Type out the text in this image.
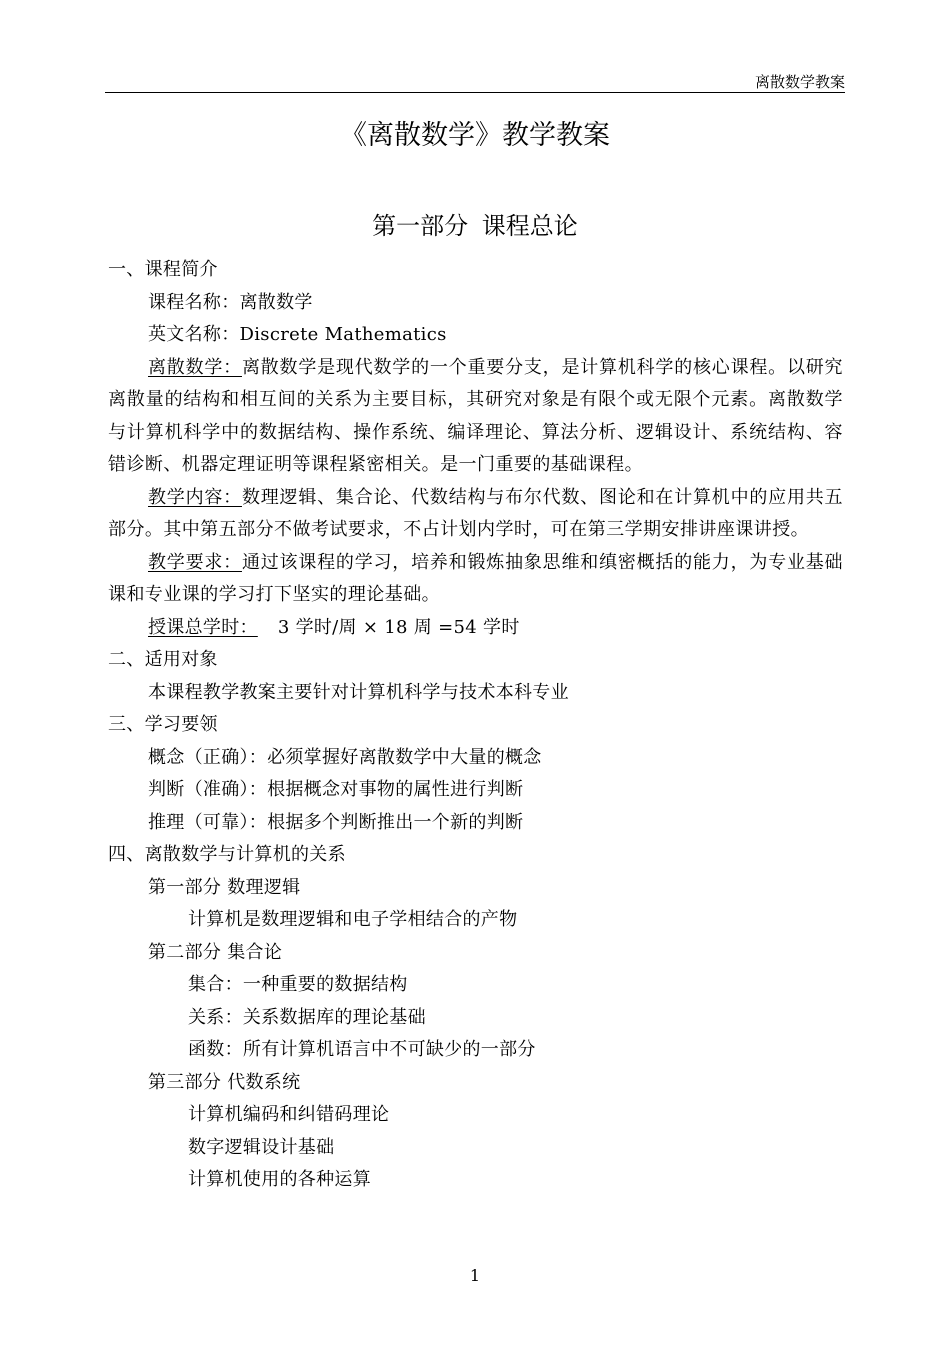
离散数学教案
《离散数学》教学教案
第一部分 课程总论
一、课程简介
课程名称：离散数学
英文名称：Discrete Mathematics
离散数学：离散数学是现代数学的一个重要分支，是计算机科学的核心课程。以研究离散量的结构和相互间的关系为主要目标，其研究对象是有限个或无限个元素。离散数学与计算机科学中的数据结构、操作系统、编译理论、算法分析、逻辑设计、系统结构、容错诊断、机器定理证明等课程紧密相关。是一门重要的基础课程。
教学内容：数理逻辑、集合论、代数结构与布尔代数、图论和在计算机中的应用共五部分。其中第五部分不做考试要求，不占计划内学时，可在第三学期安排讲座课讲授。
教学要求：通过该课程的学习，培养和锻炼抽象思维和缜密概括的能力，为专业基础课和专业课的学习打下坚实的理论基础。
授课总学时： 3 学时/周 × 18 周 =54 学时
二、适用对象
本课程教学教案主要针对计算机科学与技术本科专业
三、学习要领
概念（正确）：必须掌握好离散数学中大量的概念
判断（准确）：根据概念对事物的属性进行判断
推理（可靠）：根据多个判断推出一个新的判断
四、离散数学与计算机的关系
第一部分 数理逻辑
计算机是数理逻辑和电子学相结合的产物
第二部分 集合论
集合：一种重要的数据结构
关系：关系数据库的理论基础
函数：所有计算机语言中不可缺少的一部分
第三部分 代数系统
计算机编码和纠错码理论
数字逻辑设计基础
计算机使用的各种运算
1
